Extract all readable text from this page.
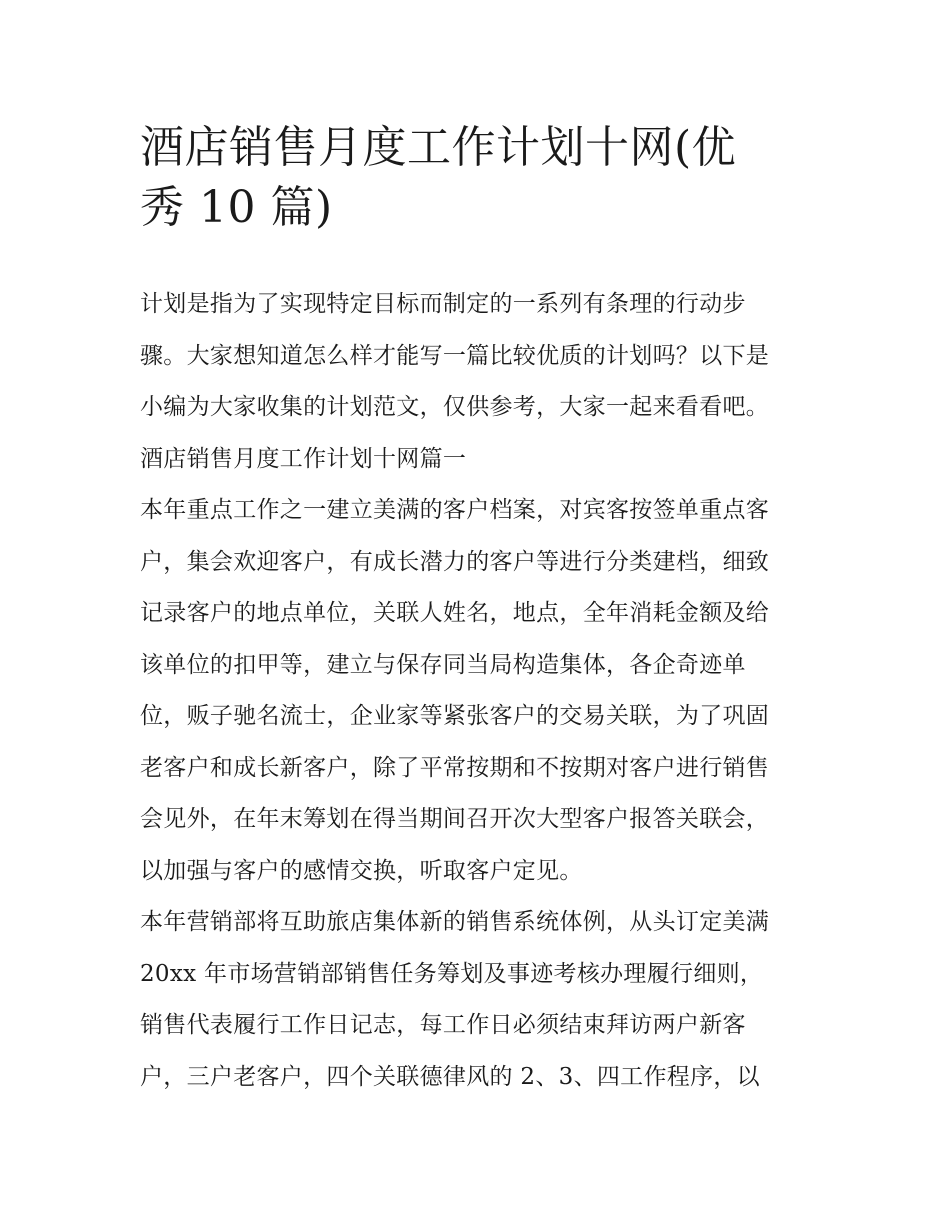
酒店销售月度工作计划十网(优
秀 10 篇)
计划是指为了实现特定目标而制定的一系列有条理的行动步
骤。大家想知道怎么样才能写一篇比较优质的计划吗？以下是
小编为大家收集的计划范文，仅供参考，大家一起来看看吧。
酒店销售月度工作计划十网篇一
本年重点工作之一建立美满的客户档案，对宾客按签单重点客
户，集会欢迎客户，有成长潜力的客户等进行分类建档，细致
记录客户的地点单位，关联人姓名，地点，全年消耗金额及给
该单位的扣甲等，建立与保存同当局构造集体，各企奇迹单
位，贩子驰名流士，企业家等紧张客户的交易关联，为了巩固
老客户和成长新客户，除了平常按期和不按期对客户进行销售
会见外，在年末筹划在得当期间召开次大型客户报答关联会，
以加强与客户的感情交换，听取客户定见。
本年营销部将互助旅店集体新的销售系统体例，从头订定美满
20xx 年市场营销部销售任务筹划及事迹考核办理履行细则，
销售代表履行工作日记志，每工作日必须结束拜访两户新客
户，三户老客户，四个关联德律风的 2、3、四工作程序，以
